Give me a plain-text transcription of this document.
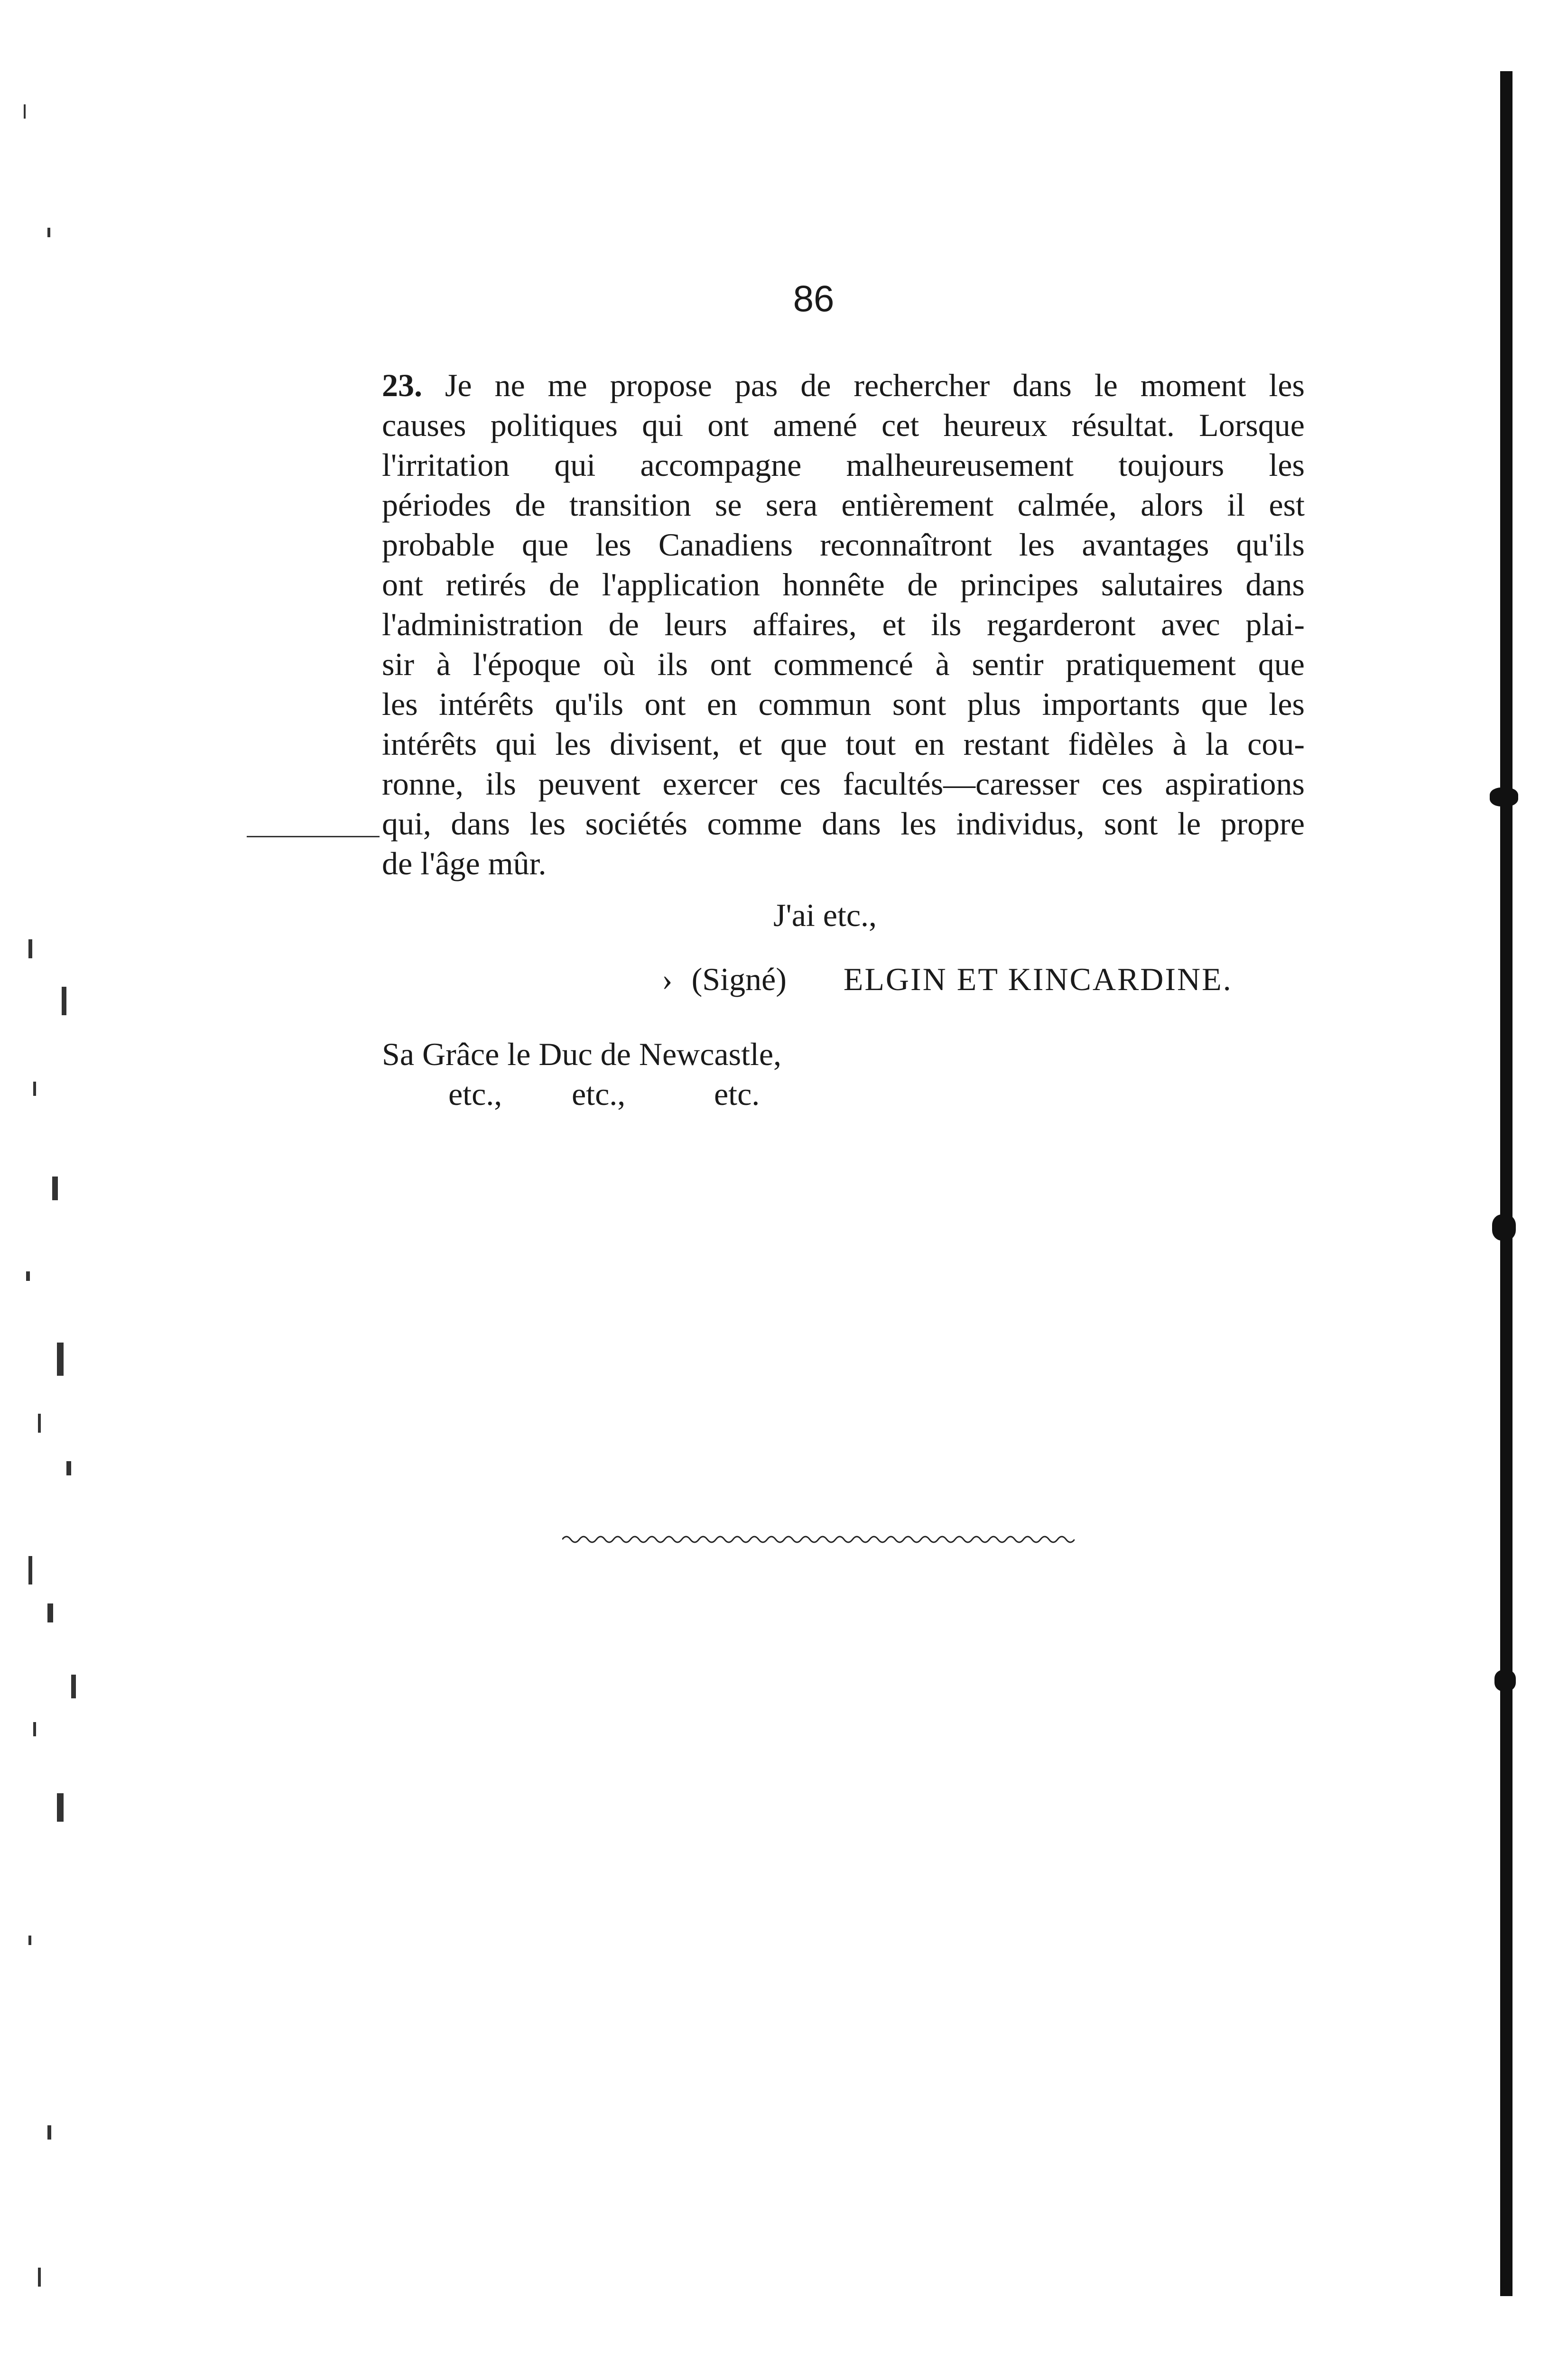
86
23. Je ne me propose pas de rechercher dans le moment les
causes politiques qui ont amené cet heureux résultat. Lorsque
l'irritation qui accompagne malheureusement toujours les
périodes de transition se sera entièrement calmée, alors il est
probable que les Canadiens reconnaîtront les avantages qu'ils
ont retirés de l'application honnête de principes salutaires dans
l'administration de leurs affaires, et ils regarderont avec plai-
sir à l'époque où ils ont commencé à sentir pratiquement que
les intérêts qu'ils ont en commun sont plus importants que les
intérêts qui les divisent, et que tout en restant fidèles à la cou-
ronne, ils peuvent exercer ces facultés—caresser ces aspirations
qui, dans les sociétés comme dans les individus, sont le propre
de l'âge mûr.
J'ai etc.,
› (Signé) ELGIN ET KINCARDINE.
Sa Grâce le Duc de Newcastle,
etc.,	etc.,	etc.
